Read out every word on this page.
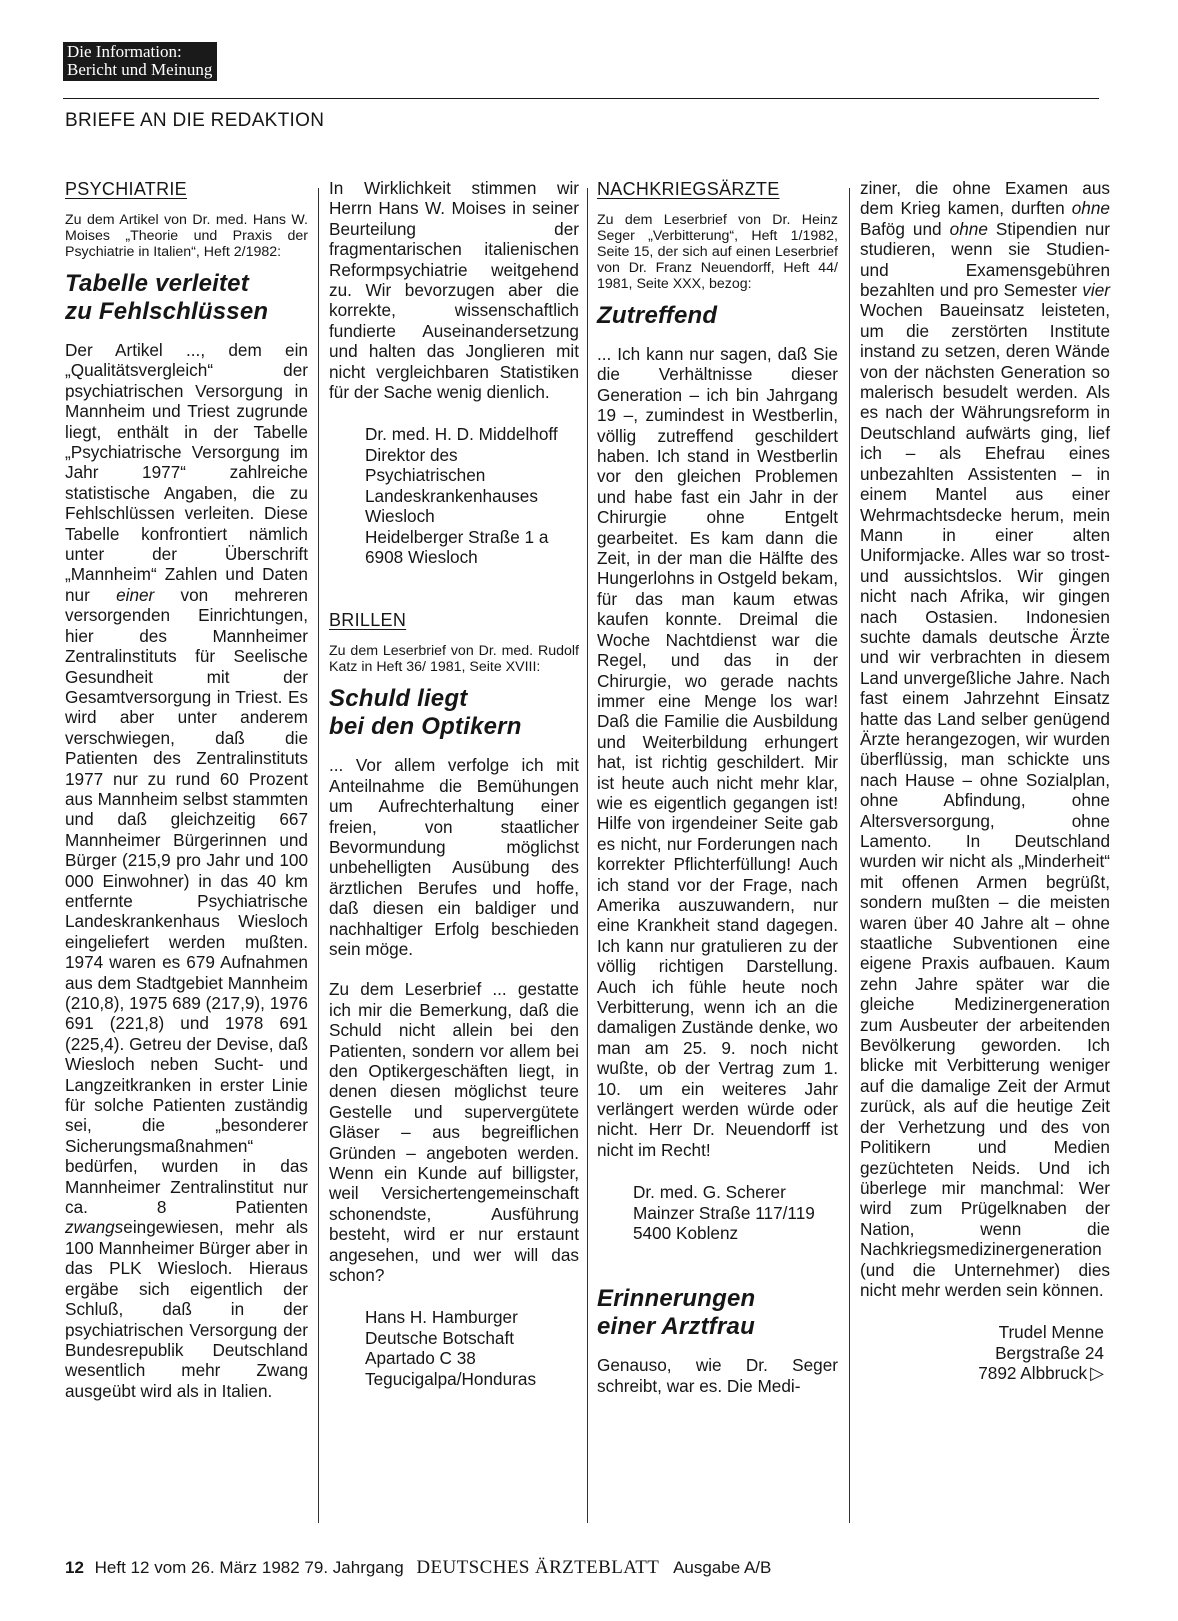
Die Information:
Bericht und Meinung
BRIEFE AN DIE REDAKTION
PSYCHIATRIE

Zu dem Artikel von Dr. med. Hans W. Moises „Theorie und Praxis der Psychiatrie in Italien“, Heft 2/1982:

Tabelle verleitet
zu Fehlschlüssen

Der Artikel ..., dem ein „Qualitätsvergleich“ der psychiatrischen Versorgung in Mannheim und Triest zugrunde liegt, enthält in der Tabelle „Psychiatrische Versorgung im Jahr 1977“ zahlreiche statistische Angaben, die zu Fehlschlüssen verleiten. Diese Tabelle konfrontiert nämlich unter der Überschrift „Mannheim“ Zahlen und Daten nur einer von mehreren versorgenden Einrichtungen, hier des Mannheimer Zentralinstituts für Seelische Gesundheit mit der Gesamtversorgung in Triest. Es wird aber unter anderem verschwiegen, daß die Patienten des Zentralinstituts 1977 nur zu rund 60 Prozent aus Mannheim selbst stammten und daß gleichzeitig 667 Mannheimer Bürgerinnen und Bürger (215,9 pro Jahr und 100 000 Einwohner) in das 40 km entfernte Psychiatrische Landeskrankenhaus Wiesloch eingeliefert werden mußten. 1974 waren es 679 Aufnahmen aus dem Stadtgebiet Mannheim (210,8), 1975 689 (217,9), 1976 691 (221,8) und 1978 691 (225,4). Getreu der Devise, daß Wiesloch neben Sucht- und Langzeitkranken in erster Linie für solche Patienten zuständig sei, die „besonderer Sicherungsmaßnahmen“ bedürfen, wurden in das Mannheimer Zentralinstitut nur ca. 8 Patienten zwangseingewiesen, mehr als 100 Mannheimer Bürger aber in das PLK Wiesloch. Hieraus ergäbe sich eigentlich der Schluß, daß in der psychiatrischen Versorgung der Bundesrepublik Deutschland wesentlich mehr Zwang ausgeübt wird als in Italien.

In Wirklichkeit stimmen wir Herrn Hans W. Moises in seiner Beurteilung der fragmentarischen italienischen Reformpsychiatrie weitgehend zu. Wir bevorzugen aber die korrekte, wissenschaftlich fundierte Auseinandersetzung und halten das Jonglieren mit nicht vergleichbaren Statistiken für der Sache wenig dienlich.

Dr. med. H. D. Middelhoff
Direktor des
Psychiatrischen
Landeskrankenhauses
Wiesloch
Heidelberger Straße 1 a
6908 Wiesloch
BRILLEN

Zu dem Leserbrief von Dr. med. Rudolf Katz in Heft 36/ 1981, Seite XVIII:

Schuld liegt
bei den Optikern

... Vor allem verfolge ich mit Anteilnahme die Bemühungen um Aufrechterhaltung einer freien, von staatlicher Bevormundung möglichst unbehelligten Ausübung des ärztlichen Berufes und hoffe, daß diesen ein baldiger und nachhaltiger Erfolg beschieden sein möge.

Zu dem Leserbrief ... gestatte ich mir die Bemerkung, daß die Schuld nicht allein bei den Patienten, sondern vor allem bei den Optikergeschäften liegt, in denen diesen möglichst teure Gestelle und supervergütete Gläser – aus begreiflichen Gründen – angeboten werden. Wenn ein Kunde auf billigster, weil Versichertengemeinschaft schonendste, Ausführung besteht, wird er nur erstaunt angesehen, und wer will das schon?

Hans H. Hamburger
Deutsche Botschaft
Apartado C 38
Tegucigalpa/Honduras
NACHKRIEGSÄRZTE

Zu dem Leserbrief von Dr. Heinz Seger „Verbitterung“, Heft 1/1982, Seite 15, der sich auf einen Leserbrief von Dr. Franz Neuendorff, Heft 44/ 1981, Seite XXX, bezog:

Zutreffend

... Ich kann nur sagen, daß Sie die Verhältnisse dieser Generation – ich bin Jahrgang 19 –, zumindest in Westberlin, völlig zutreffend geschildert haben. Ich stand in Westberlin vor den gleichen Problemen und habe fast ein Jahr in der Chirurgie ohne Entgelt gearbeitet. Es kam dann die Zeit, in der man die Hälfte des Hungerlohns in Ostgeld bekam, für das man kaum etwas kaufen konnte. Dreimal die Woche Nachtdienst war die Regel, und das in der Chirurgie, wo gerade nachts immer eine Menge los war! Daß die Familie die Ausbildung und Weiterbildung erhungert hat, ist richtig geschildert. Mir ist heute auch nicht mehr klar, wie es eigentlich gegangen ist! Hilfe von irgendeiner Seite gab es nicht, nur Forderungen nach korrekter Pflichterfüllung! Auch ich stand vor der Frage, nach Amerika auszuwandern, nur eine Krankheit stand dagegen. Ich kann nur gratulieren zu der völlig richtigen Darstellung. Auch ich fühle heute noch Verbitterung, wenn ich an die damaligen Zustände denke, wo man am 25. 9. noch nicht wußte, ob der Vertrag zum 1. 10. um ein weiteres Jahr verlängert werden würde oder nicht. Herr Dr. Neuendorff ist nicht im Recht!

Dr. med. G. Scherer
Mainzer Straße 117/119
5400 Koblenz
Erinnerungen
einer Arztfrau

Genauso, wie Dr. Seger schreibt, war es. Die Medi-

ziner, die ohne Examen aus dem Krieg kamen, durften ohne Bafög und ohne Stipendien nur studieren, wenn sie Studien- und Examensgebühren bezahlten und pro Semester vier Wochen Baueinsatz leisteten, um die zerstörten Institute instand zu setzen, deren Wände von der nächsten Generation so malerisch besudelt werden. Als es nach der Währungsreform in Deutschland aufwärts ging, lief ich – als Ehefrau eines unbezahlten Assistenten – in einem Mantel aus einer Wehrmachtsdecke herum, mein Mann in einer alten Uniformjacke. Alles war so trost- und aussichtslos. Wir gingen nicht nach Afrika, wir gingen nach Ostasien. Indonesien suchte damals deutsche Ärzte und wir verbrachten in diesem Land unvergeßliche Jahre. Nach fast einem Jahrzehnt Einsatz hatte das Land selber genügend Ärzte herangezogen, wir wurden überflüssig, man schickte uns nach Hause – ohne Sozialplan, ohne Abfindung, ohne Altersversorgung, ohne Lamento. In Deutschland wurden wir nicht als „Minderheit“ mit offenen Armen begrüßt, sondern mußten – die meisten waren über 40 Jahre alt – ohne staatliche Subventionen eine eigene Praxis aufbauen. Kaum zehn Jahre später war die gleiche Medizinergeneration zum Ausbeuter der arbeitenden Bevölkerung geworden. Ich blicke mit Verbitterung weniger auf die damalige Zeit der Armut zurück, als auf die heutige Zeit der Verhetzung und des von Politikern und Medien gezüchteten Neids. Und ich überlege mir manchmal: Wer wird zum Prügelknaben der Nation, wenn die Nachkriegsmedizinergeneration (und die Unternehmer) dies nicht mehr werden sein können.

Trudel Menne
Bergstraße 24
7892 Albbruck ▷
12 Heft 12 vom 26. März 1982 79. Jahrgang DEUTSCHES ÄRZTEBLATT Ausgabe A/B
